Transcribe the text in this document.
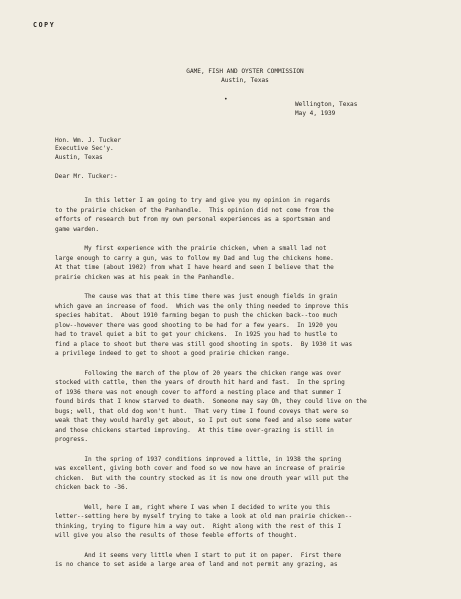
COPY
GAME, FISH AND OYSTER COMMISSION
Austin, Texas
•
Wellington, Texas
May 4, 1939
Hon. Wm. J. Tucker
Executive Sec'y.
Austin, Texas
Dear Mr. Tucker:-
In this letter I am going to try and give you my opinion in regards
to the prairie chicken of the Panhandle.  This opinion did not come from the
efforts of research but from my own personal experiences as a sportsman and
game warden.
My first experience with the prairie chicken, when a small lad not
large enough to carry a gun, was to follow my Dad and lug the chickens home.
At that time (about 1902) from what I have heard and seen I believe that the
prairie chicken was at his peak in the Panhandle.
The cause was that at this time there was just enough fields in grain
which gave an increase of food.  Which was the only thing needed to improve this
species habitat.  About 1910 farming began to push the chicken back--too much
plow--however there was good shooting to be had for a few years.  In 1920 you
had to travel quiet a bit to get your chickens.  In 1925 you had to hustle to
find a place to shoot but there was still good shooting in spots.  By 1930 it was
a privilege indeed to get to shoot a good prairie chicken range.
Following the march of the plow of 20 years the chicken range was over
stocked with cattle, then the years of drouth hit hard and fast.  In the spring
of 1936 there was not enough cover to afford a nesting place and that summer I
found birds that I know starved to death.  Someone may say Oh, they could live on the
bugs; well, that old dog won't hunt.  That very time I found coveys that were so
weak that they would hardly get about, so I put out some feed and also some water
and those chickens started improving.  At this time over-grazing is still in
progress.
In the spring of 1937 conditions improved a little, in 1938 the spring
was excellent, giving both cover and food so we now have an increase of prairie
chicken.  But with the country stocked as it is now one drouth year will put the
chicken back to -36.
Well, here I am, right where I was when I decided to write you this
letter--setting here by myself trying to take a look at old man prairie chicken--
thinking, trying to figure him a way out.  Right along with the rest of this I
will give you also the results of those feeble efforts of thought.
And it seems very little when I start to put it on paper.  First there
is no chance to set aside a large area of land and not permit any grazing, as
